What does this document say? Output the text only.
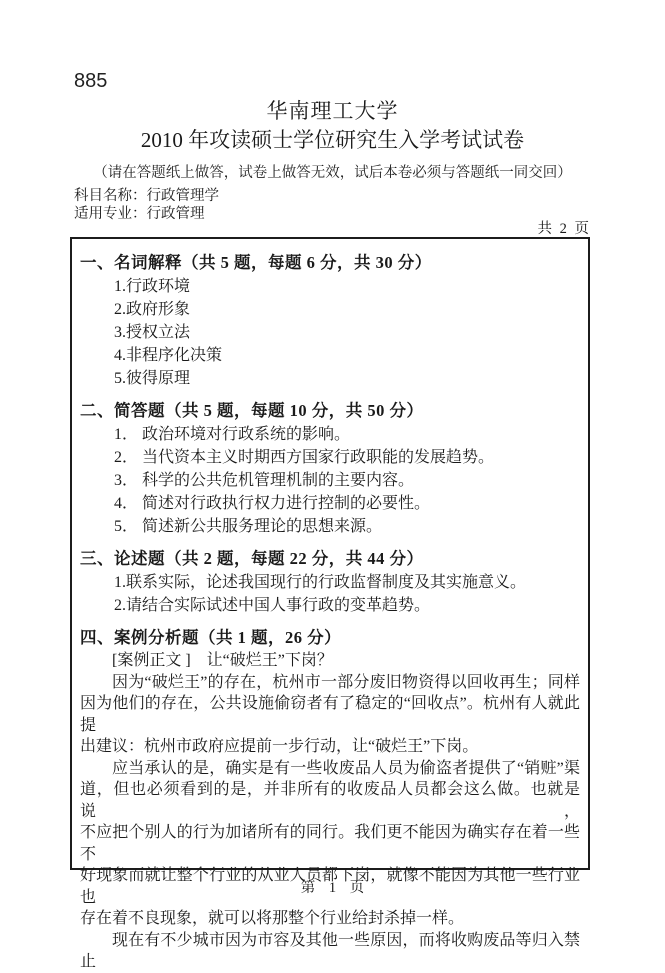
885
华南理工大学
2010 年攻读硕士学位研究生入学考试试卷
（请在答题纸上做答，试卷上做答无效，试后本卷必须与答题纸一同交回）
科目名称：行政管理学
适用专业：行政管理
共 2 页
一、名词解释（共 5 题，每题 6 分，共 30 分）
1.行政环境
2.政府形象
3.授权立法
4.非程序化决策
5.彼得原理
二、简答题（共 5 题，每题 10 分，共 50 分）
1． 政治环境对行政系统的影响。
2． 当代资本主义时期西方国家行政职能的发展趋势。
3． 科学的公共危机管理机制的主要内容。
4． 简述对行政执行权力进行控制的必要性。
5． 简述新公共服务理论的思想来源。
三、论述题（共 2 题，每题 22 分，共 44 分）
1.联系实际，论述我国现行的行政监督制度及其实施意义。
2.请结合实际试述中国人事行政的变革趋势。
四、案例分析题（共 1 题，26 分）
[案例正文 ]　让“破烂王”下岗？
因为“破烂王”的存在，杭州市一部分废旧物资得以回收再生；同样
因为他们的存在，公共设施偷窃者有了稳定的“回收点”。杭州有人就此提
出建议：杭州市政府应提前一步行动，让“破烂王”下岗。
应当承认的是，确实是有一些收废品人员为偷盗者提供了“销赃”渠
道，但也必须看到的是，并非所有的收废品人员都会这么做。也就是说，
不应把个别人的行为加诸所有的同行。我们更不能因为确实存在着一些不
好现象而就让整个行业的从业人员都下岗，就像不能因为其他一些行业也
存在着不良现象，就可以将那整个行业给封杀掉一样。
现在有不少城市因为市容及其他一些原因，而将收购废品等归入禁止
第 1 页
